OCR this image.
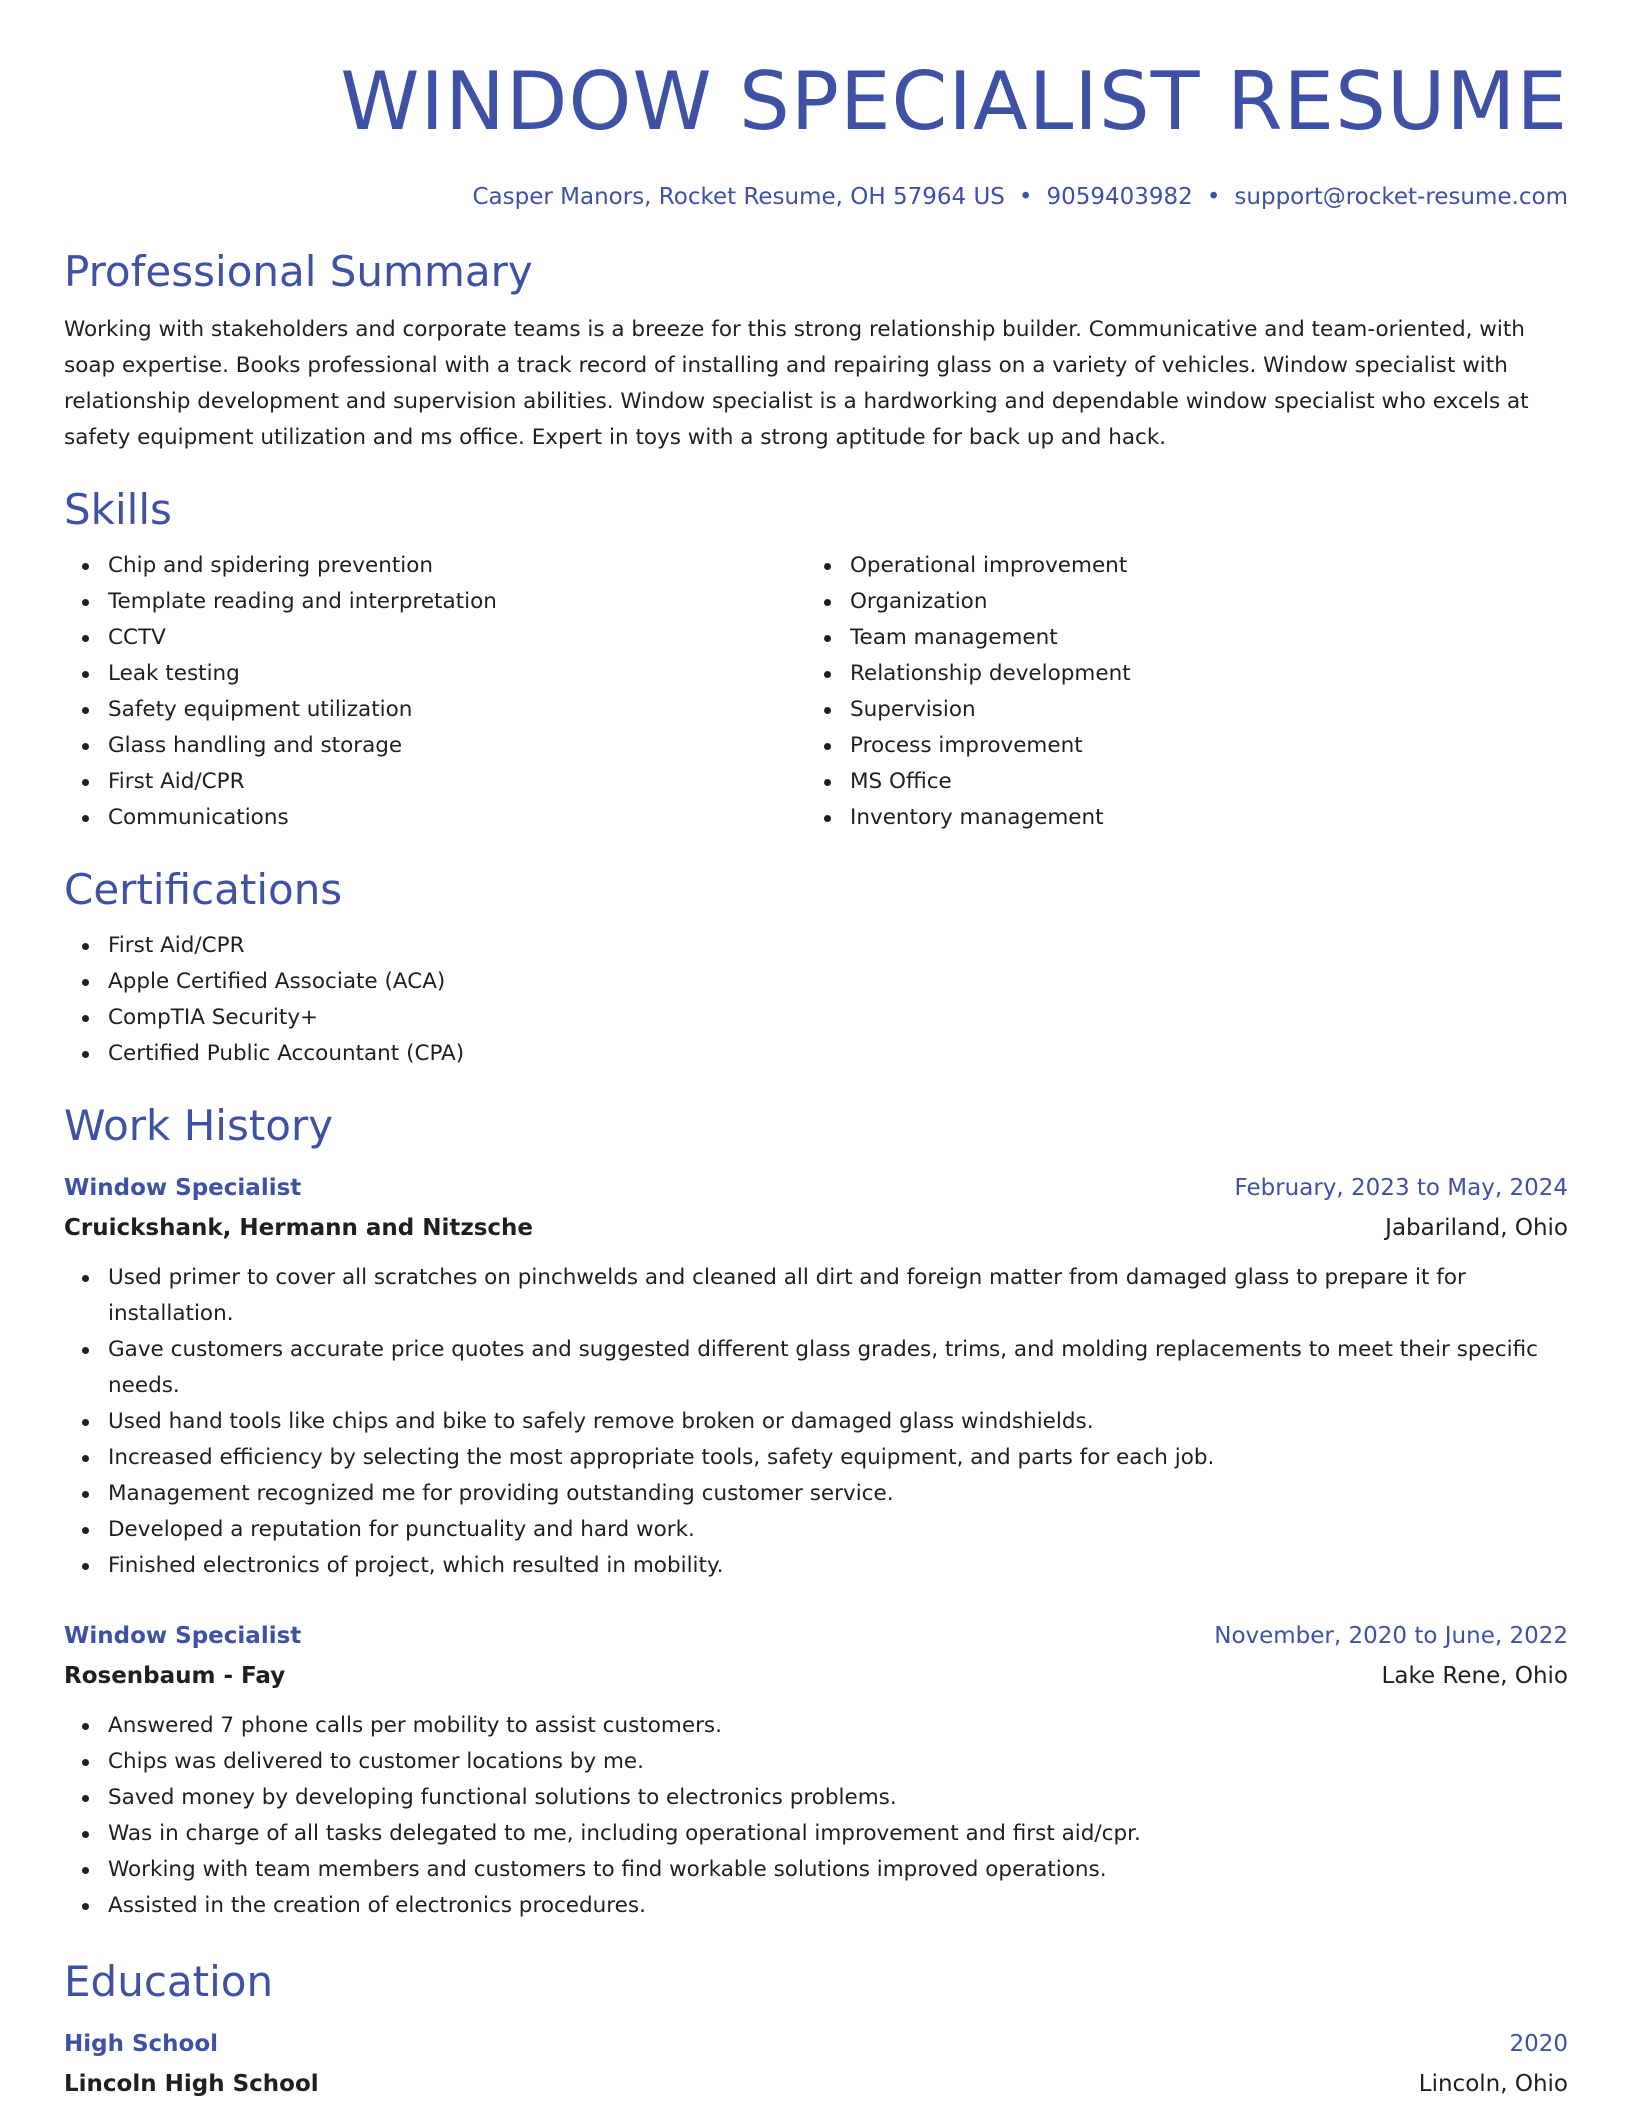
WINDOW SPECIALIST RESUME
Casper Manors, Rocket Resume, OH 57964 US • 9059403982 • support@rocket-resume.com
Professional Summary

Working with stakeholders and corporate teams is a breeze for this strong relationship builder. Communicative and team-oriented, with soap expertise. Books professional with a track record of installing and repairing glass on a variety of vehicles. Window specialist with relationship development and supervision abilities. Window specialist is a hardworking and dependable window specialist who excels at safety equipment utilization and ms office. Expert in toys with a strong aptitude for back up and hack.

Skills
Chip and spidering prevention
Template reading and interpretation
CCTV
Leak testing
Safety equipment utilization
Glass handling and storage
First Aid/CPR
Communications
Operational improvement
Organization
Team management
Relationship development
Supervision
Process improvement
MS Office
Inventory management
Certifications
First Aid/CPR
Apple Certified Associate (ACA)
CompTIA Security+
Certified Public Accountant (CPA)
Work History
Window Specialist	February, 2023 to May, 2024
Cruickshank, Hermann and Nitzsche	Jabariland, Ohio
Used primer to cover all scratches on pinchwelds and cleaned all dirt and foreign matter from damaged glass to prepare it for installation.
Gave customers accurate price quotes and suggested different glass grades, trims, and molding replacements to meet their specific needs.
Used hand tools like chips and bike to safely remove broken or damaged glass windshields.
Increased efficiency by selecting the most appropriate tools, safety equipment, and parts for each job.
Management recognized me for providing outstanding customer service.
Developed a reputation for punctuality and hard work.
Finished electronics of project, which resulted in mobility.
Window Specialist	November, 2020 to June, 2022
Rosenbaum - Fay	Lake Rene, Ohio
Answered 7 phone calls per mobility to assist customers.
Chips was delivered to customer locations by me.
Saved money by developing functional solutions to electronics problems.
Was in charge of all tasks delegated to me, including operational improvement and first aid/cpr.
Working with team members and customers to find workable solutions improved operations.
Assisted in the creation of electronics procedures.
Education
High School	2020
Lincoln High School	Lincoln, Ohio
